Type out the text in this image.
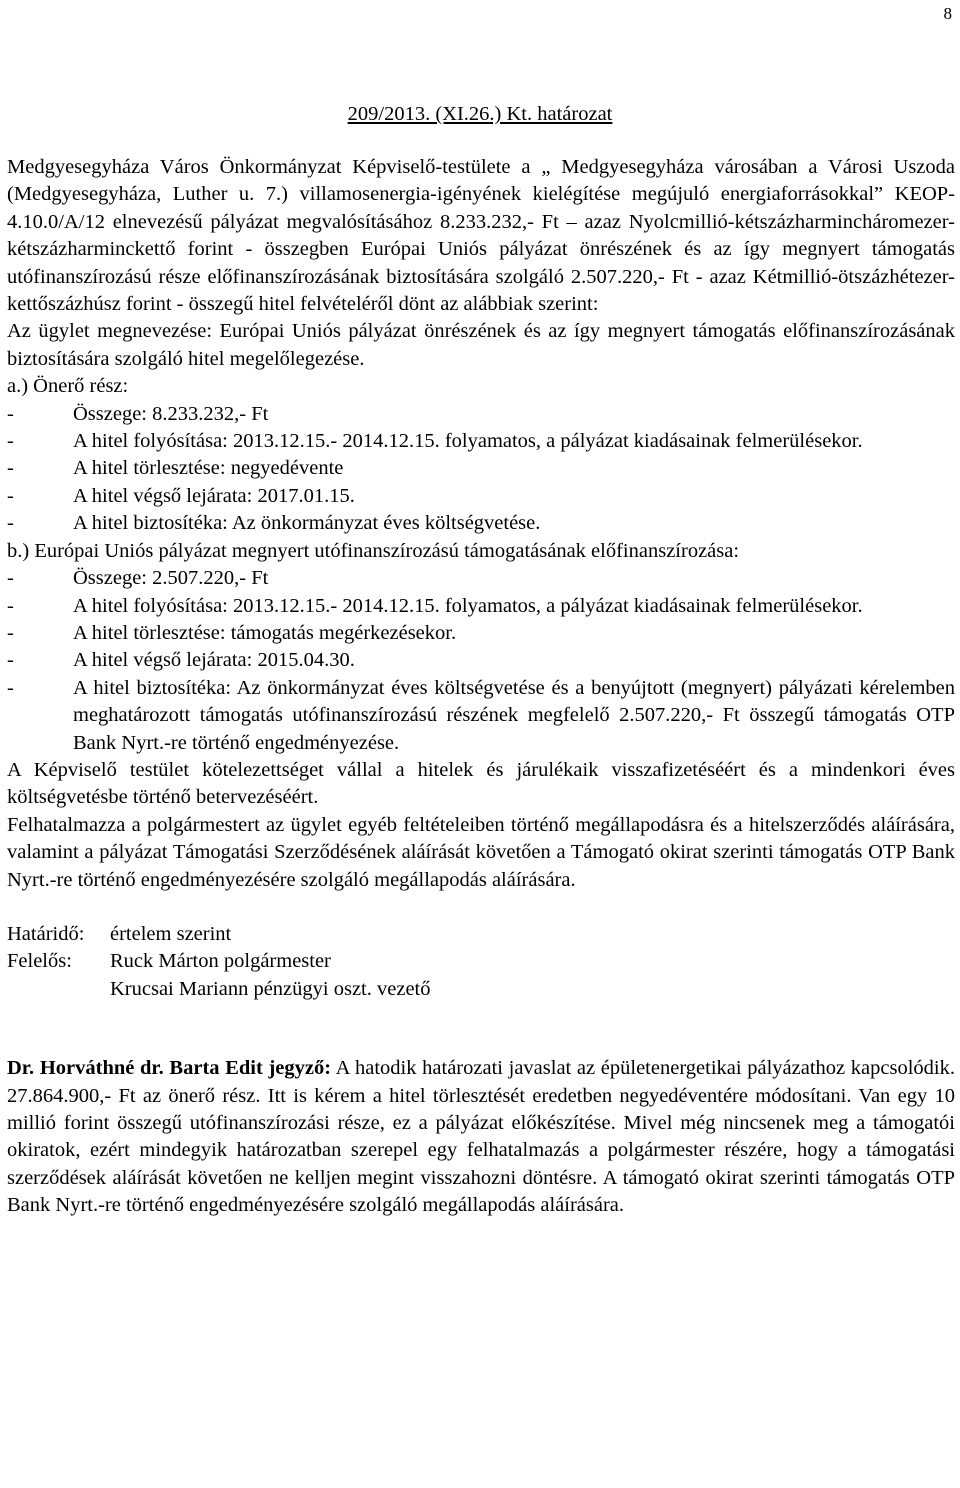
8
209/2013. (XI.26.) Kt. határozat

Medgyesegyháza Város Önkormányzat Képviselő-testülete a „ Medgyesegyháza városában a Városi Uszoda (Medgyesegyháza, Luther u. 7.) villamosenergia-igényének kielégítése megújuló energiaforrásokkal” KEOP-4.10.0/A/12 elnevezésű pályázat megvalósításához 8.233.232,- Ft – azaz Nyolcmillió-kétszázharmincháromezer-kétszázharminckettő forint - összegben Európai Uniós pályázat önrészének és az így megnyert támogatás utófinanszírozású része előfinanszírozásának biztosítására szolgáló 2.507.220,- Ft - azaz Kétmillió-ötszázhétezer-kettőszázhúsz forint - összegű hitel felvételéről dönt az alábbiak szerint:

Az ügylet megnevezése: Európai Uniós pályázat önrészének és az így megnyert támogatás előfinanszírozásának biztosítására szolgáló hitel megelőlegezése.

a.) Önerő rész:

- Összege: 8.233.232,- Ft
- A hitel folyósítása: 2013.12.15.- 2014.12.15. folyamatos, a pályázat kiadásainak felmerülésekor.
- A hitel törlesztése: negyedévente
- A hitel végső lejárata: 2017.01.15.
- A hitel biztosítéka: Az önkormányzat éves költségvetése.

b.) Európai Uniós pályázat megnyert utófinanszírozású támogatásának előfinanszírozása:

- Összege: 2.507.220,- Ft
- A hitel folyósítása: 2013.12.15.- 2014.12.15. folyamatos, a pályázat kiadásainak felmerülésekor.
- A hitel törlesztése: támogatás megérkezésekor.
- A hitel végső lejárata: 2015.04.30.
- A hitel biztosítéka: Az önkormányzat éves költségvetése és a benyújtott (megnyert) pályázati kérelemben meghatározott támogatás utófinanszírozású részének megfelelő 2.507.220,- Ft összegű támogatás OTP Bank Nyrt.-re történő engedményezése.

A Képviselő testület kötelezettséget vállal a hitelek és járulékaik visszafizetéséért és a mindenkori éves költségvetésbe történő betervezéséért.

Felhatalmazza a polgármestert az ügylet egyéb feltételeiben történő megállapodásra és a hitelszerződés aláírására, valamint a pályázat Támogatási Szerződésének aláírását követően a Támogató okirat szerinti támogatás OTP Bank Nyrt.-re történő engedményezésére szolgáló megállapodás aláírására.

Határidő:	értelem szerint
Felelős:	Ruck Márton polgármester
Krucsai Mariann pénzügyi oszt. vezető

Dr. Horváthné dr. Barta Edit jegyző: A hatodik határozati javaslat az épületenergetikai pályázathoz kapcsolódik. 27.864.900,- Ft az önerő rész. Itt is kérem a hitel törlesztését eredetben negyedéventére módosítani. Van egy 10 millió forint összegű utófinanszírozási része, ez a pályázat előkészítése. Mivel még nincsenek meg a támogatói okiratok, ezért mindegyik határozatban szerepel egy felhatalmazás a polgármester részére, hogy a támogatási szerződések aláírását követően ne kelljen megint visszahozni döntésre. A támogató okirat szerinti támogatás OTP Bank Nyrt.-re történő engedményezésére szolgáló megállapodás aláírására.
